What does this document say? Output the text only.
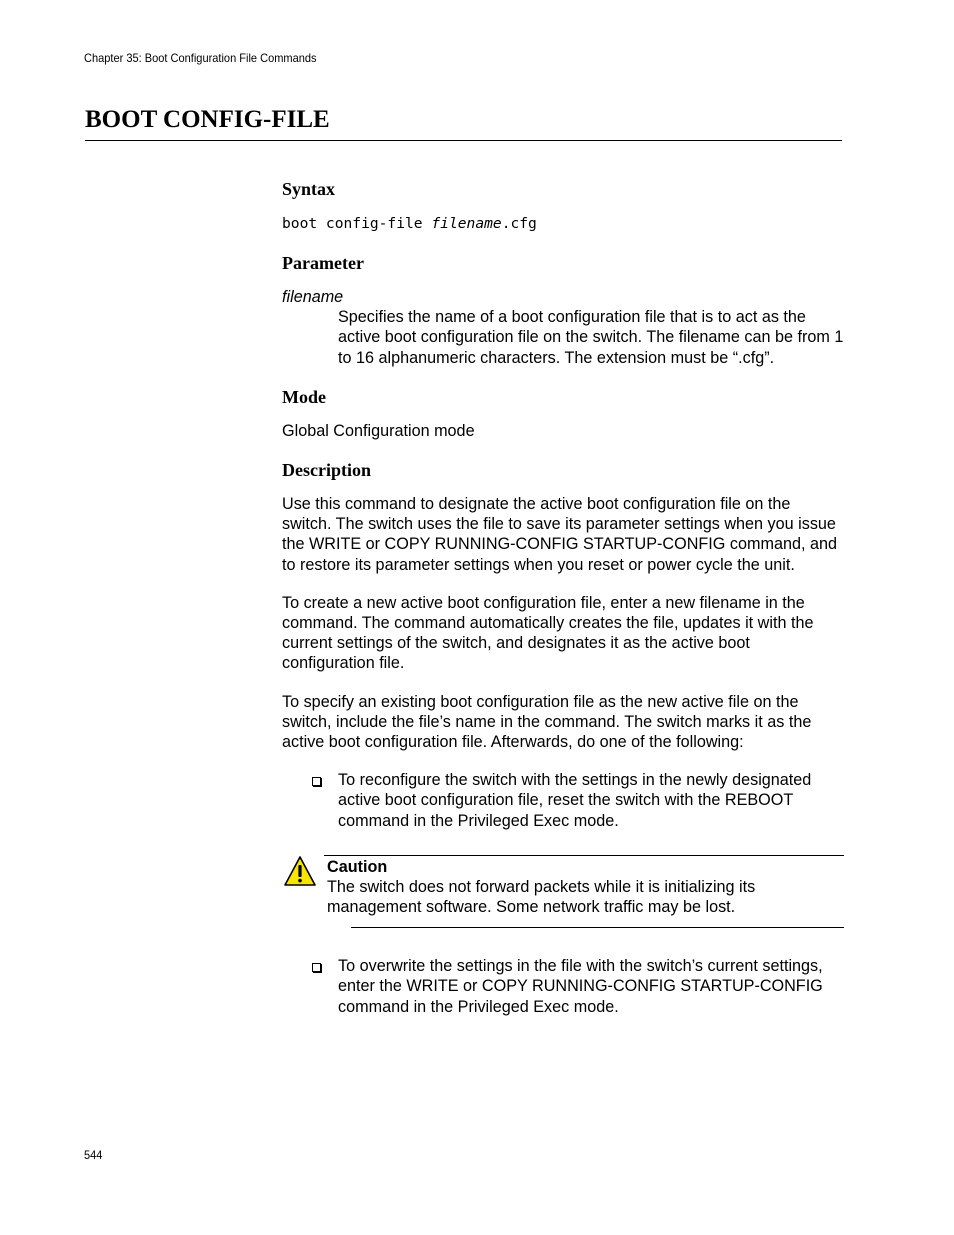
Chapter 35: Boot Configuration File Commands
BOOT CONFIG-FILE
Syntax

boot config-file filename.cfg

Parameter
filename
Specifies the name of a boot configuration file that is to act as the active boot configuration file on the switch. The filename can be from 1 to 16 alphanumeric characters. The extension must be “.cfg”.
Mode

Global Configuration mode

Description

Use this command to designate the active boot configuration file on the switch. The switch uses the file to save its parameter settings when you issue the WRITE or COPY RUNNING-CONFIG STARTUP-CONFIG command, and to restore its parameter settings when you reset or power cycle the unit.

To create a new active boot configuration file, enter a new filename in the command. The command automatically creates the file, updates it with the current settings of the switch, and designates it as the active boot configuration file.

To specify an existing boot configuration file as the new active file on the switch, include the file’s name in the command. The switch marks it as the active boot configuration file. Afterwards, do one of the following:

To reconfigure the switch with the settings in the newly designated active boot configuration file, reset the switch with the REBOOT command in the Privileged Exec mode.
Caution
The switch does not forward packets while it is initializing its management software. Some network traffic may be lost.
To overwrite the settings in the file with the switch’s current settings, enter the WRITE or COPY RUNNING-CONFIG STARTUP-CONFIG command in the Privileged Exec mode.
544
